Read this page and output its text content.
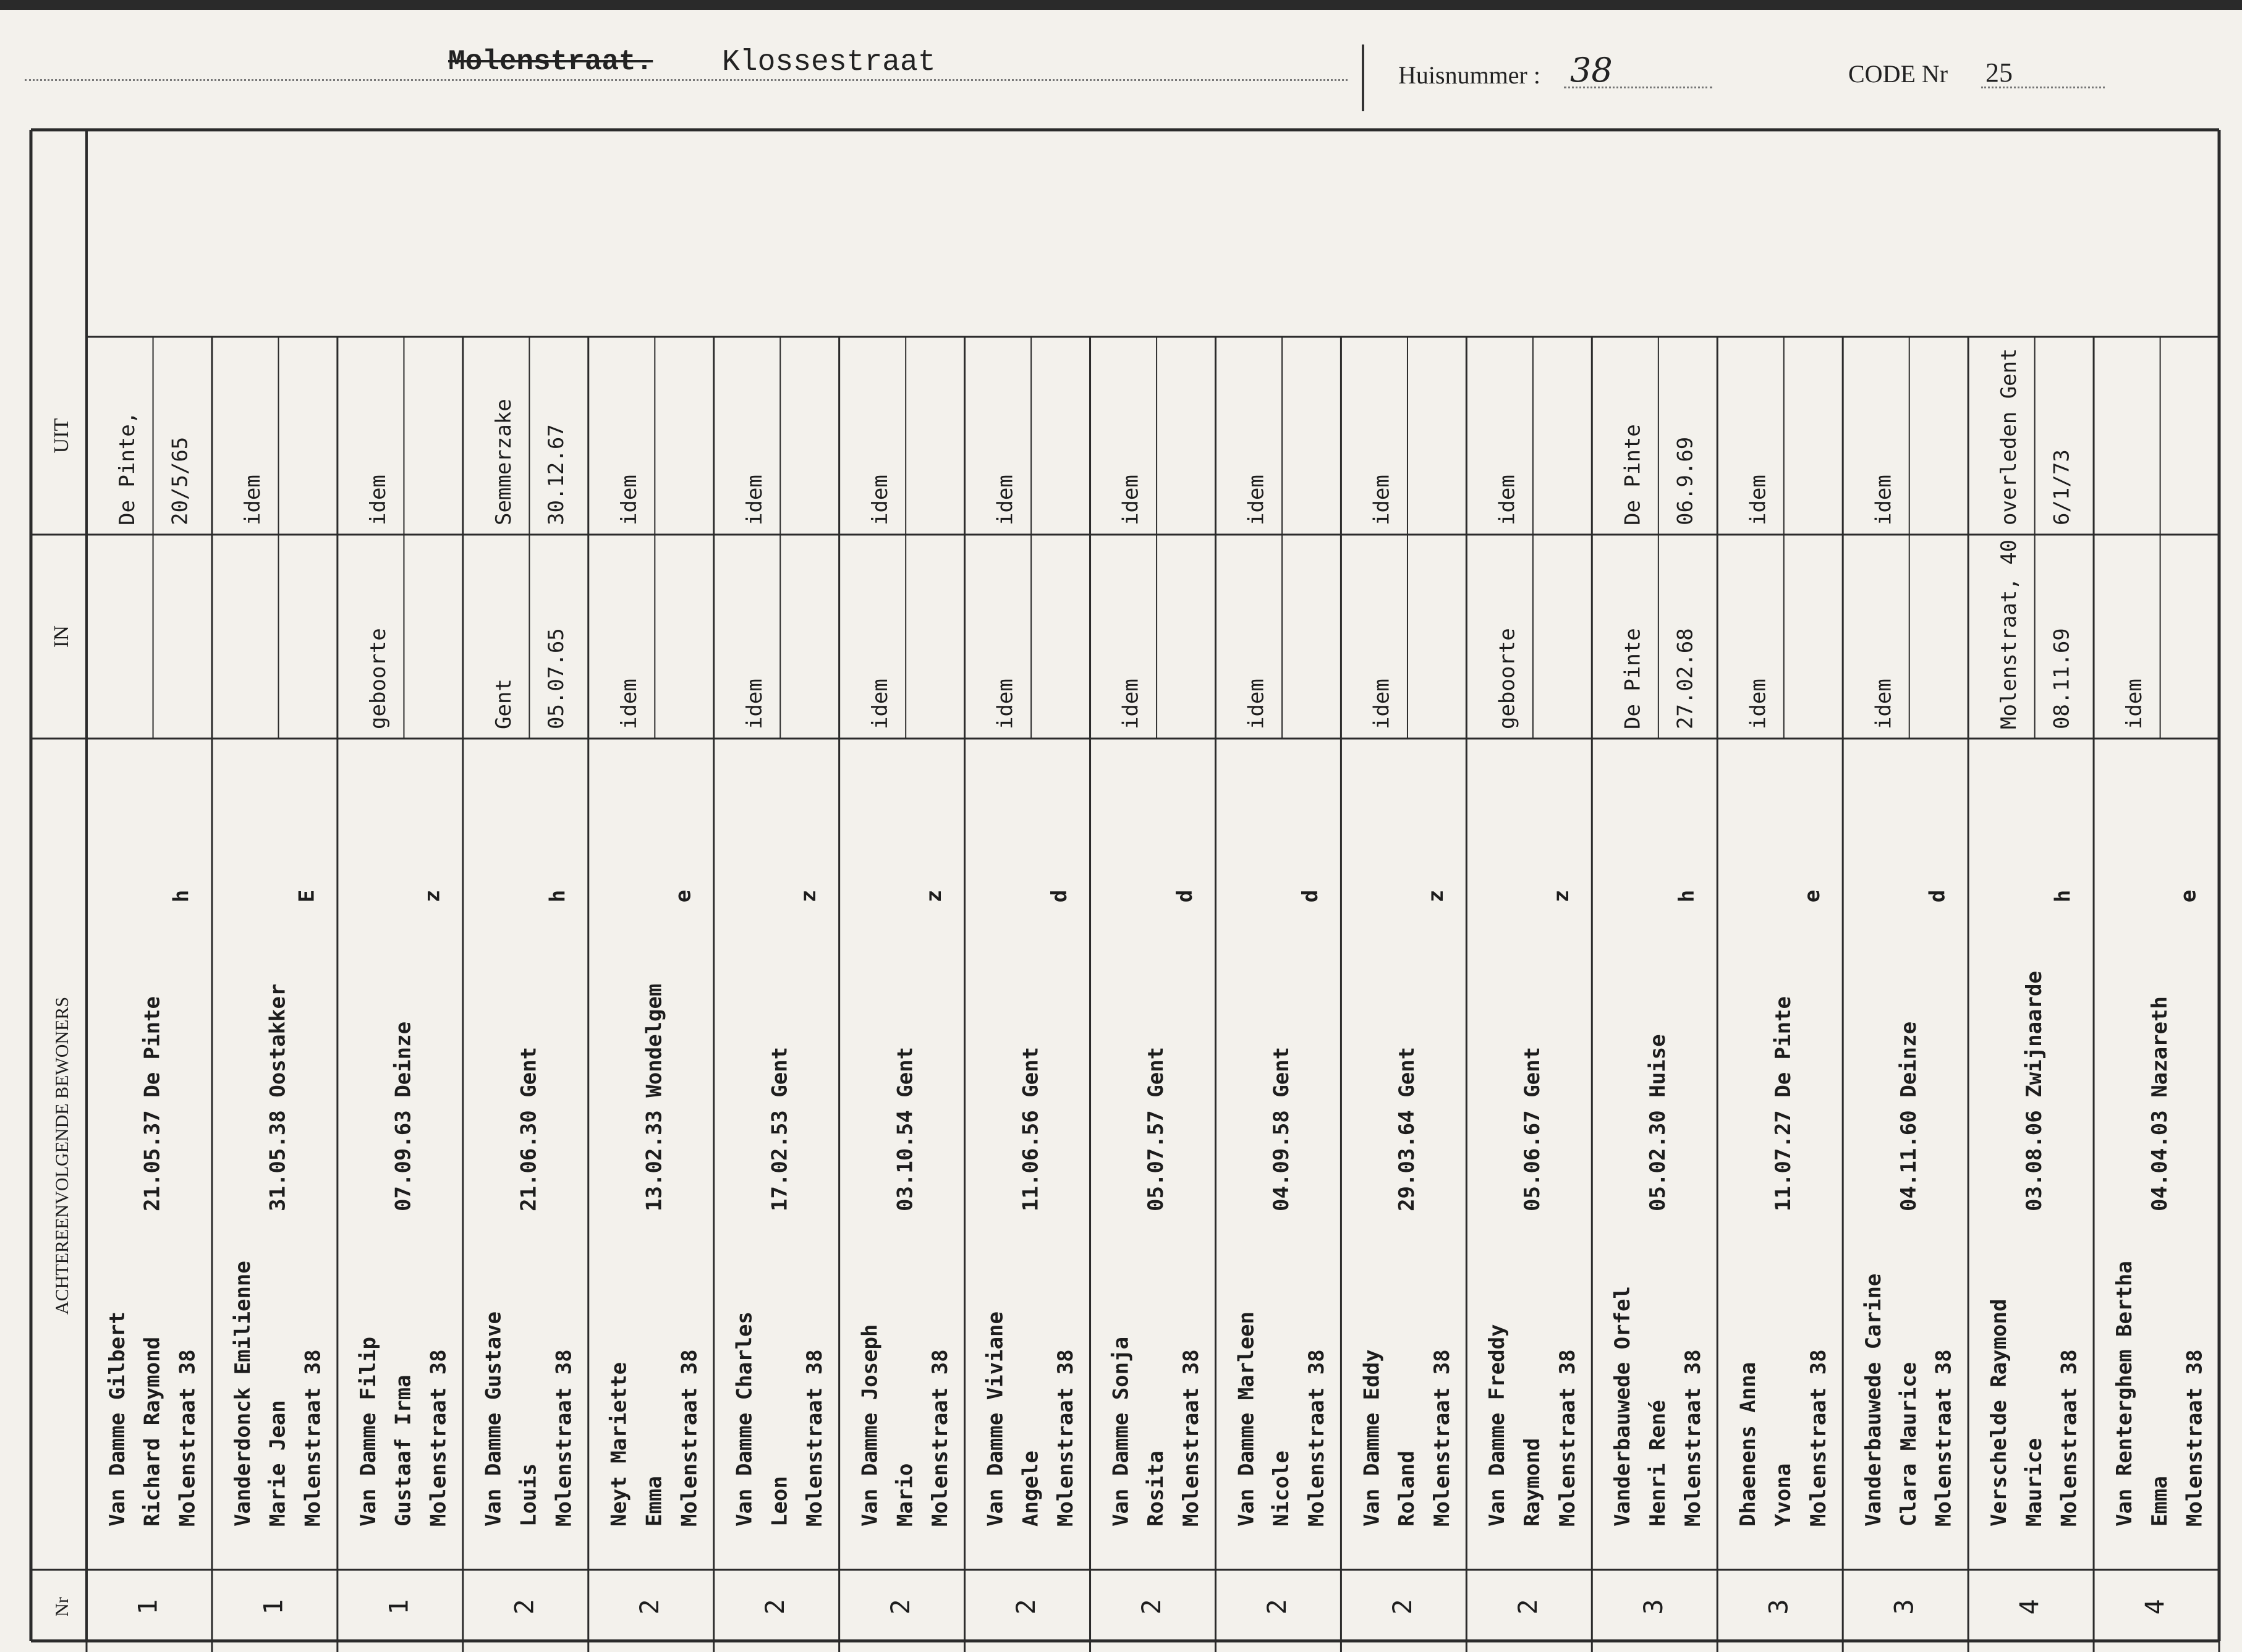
Molenstraat. Klossestraat	Huisnummer : 38	CODE Nr 25
UIT
IN
ACHTEREENVOLGENDE BEWONERS
Nr
Van Damme Gilbert Richard Raymond Molenstraat 38
21.05.37 De Pinte
h
De Pinte, 20/5/65
1
Vanderdonck Emilienne Marie Jean Molenstraat 38
31.05.38 Oostakker
E
idem
1
Van Damme Filip Gustaaf Irma Molenstraat 38
07.09.63 Deinze
z
geboorte
idem
1
Van Damme Gustave Louis Molenstraat 38
21.06.30 Gent
h
Gent 05.07.65
Semmerzake 30.12.67
2
Neyt Mariette Emma Molenstraat 38
13.02.33 Wondelgem
e
idem
idem
2
Van Damme Charles Leon Molenstraat 38
17.02.53 Gent
z
idem
idem
2
Van Damme Joseph Mario Molenstraat 38
03.10.54 Gent
z
idem
idem
2
Van Damme Viviane Angele Molenstraat 38
11.06.56 Gent
d
idem
idem
2
Van Damme Sonja Rosita Molenstraat 38
05.07.57 Gent
d
idem
idem
2
Van Damme Marleen Nicole Molenstraat 38
04.09.58 Gent
d
idem
idem
2
Van Damme Eddy Roland Molenstraat 38
29.03.64 Gent
z
idem
idem
2
Van Damme Freddy Raymond Molenstraat 38
05.06.67 Gent
z
geboorte
idem
2
Vanderbauwede Orfel Henri René Molenstraat 38
05.02.30 Huise
h
De Pinte 27.02.68
De Pinte 06.9.69
3
Dhaenens Anna Yvona Molenstraat 38
11.07.27 De Pinte
e
idem
idem
3
Vanderbauwede Carine Clara Maurice Molenstraat 38
04.11.60 Deinze
d
idem
idem
3
Verschelde Raymond Maurice Molenstraat 38
03.08.06 Zwijnaarde
h
Molenstraat, 40 08.11.69
overleden Gent 6/1/73
4
Van Renterghem Bertha Emma Molenstraat 38
04.04.03 Nazareth
e
idem
4
